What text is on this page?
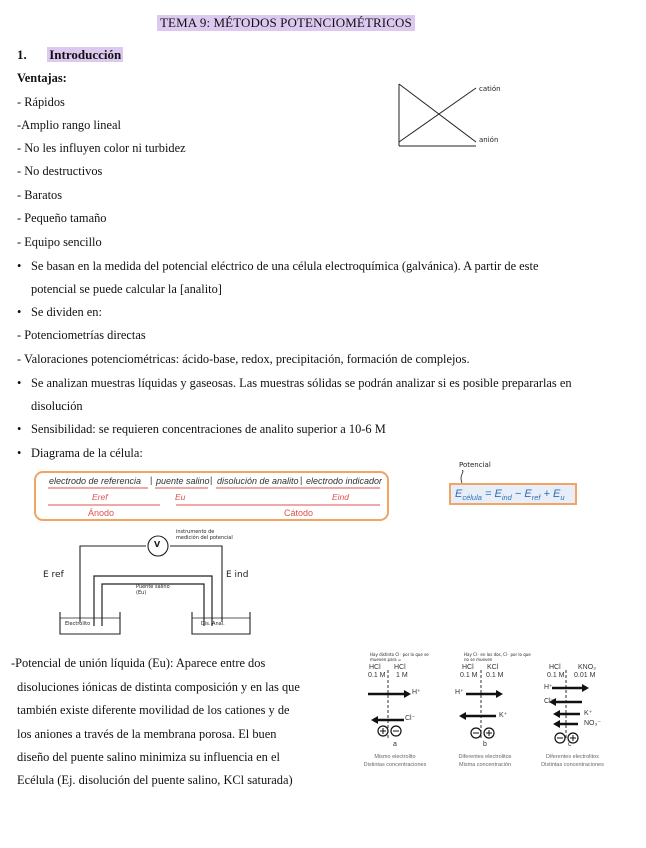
TEMA 9: MÉTODOS POTENCIOMÉTRICOS
1. Introducción
Ventajas:
- Rápidos
-Amplio rango lineal
- No les influyen color ni turbidez
- No destructivos
- Baratos
- Pequeño tamaño
- Equipo sencillo
catión
anión
• Se basan en la medida del potencial eléctrico de una célula electroquímica (galvánica). A partir de este
potencial se puede calcular la [analito]
• Se dividen en:
- Potenciometrías directas
- Valoraciones potenciométricas: ácido-base, redox, precipitación, formación de complejos.
• Se analizan muestras líquidas y gaseosas. Las muestras sólidas se podrán analizar si es posible prepararlas en
disolución
• Sensibilidad: se requieren concentraciones de analito superior a 10-6 M
• Diagrama de la célula:
electrodo de referencia | puente salino | disolución de analito | electrodo indicador
Eref	Eu	Eind
Ánodo	Cátodo
Potencial
$E_{célula} = E_{ind} - E_{ref} + E_u$
V
instrumento de medición del potencial
E ref	E ind
Puente salino (Eu)
Electrolito	Dis. Anal.
-Potencial de unión líquida (Eu): Aparece entre dos
disoluciones iónicas de distinta composición y en las que
también existe diferente movilidad de los cationes y de
los aniones a través de la membrana porosa. El buen
diseño del puente salino minimiza su influencia en el
Ecélula (Ej. disolución del puente salino, KCl saturada)
Hay distinto Cl⁻ por lo que se mueven para =
HCl
0.1 M
HCl
1 M
H⁺
Cl⁻
a
Mismo electrolito
Distintas concentraciones
Hay Cl⁻ en los dos, Cl⁻ por lo que no se mueven
HCl
0.1 M
KCl
0.1 M
H⁺
K⁺
b
Diferentes electrolitos
Misma concentración
HCl
0.1 M
KNO₃
0.01 M
H⁺
Cl⁻
K⁺
NO₃⁻
c
Diferentes electrolitos
Distintas concentraciones
